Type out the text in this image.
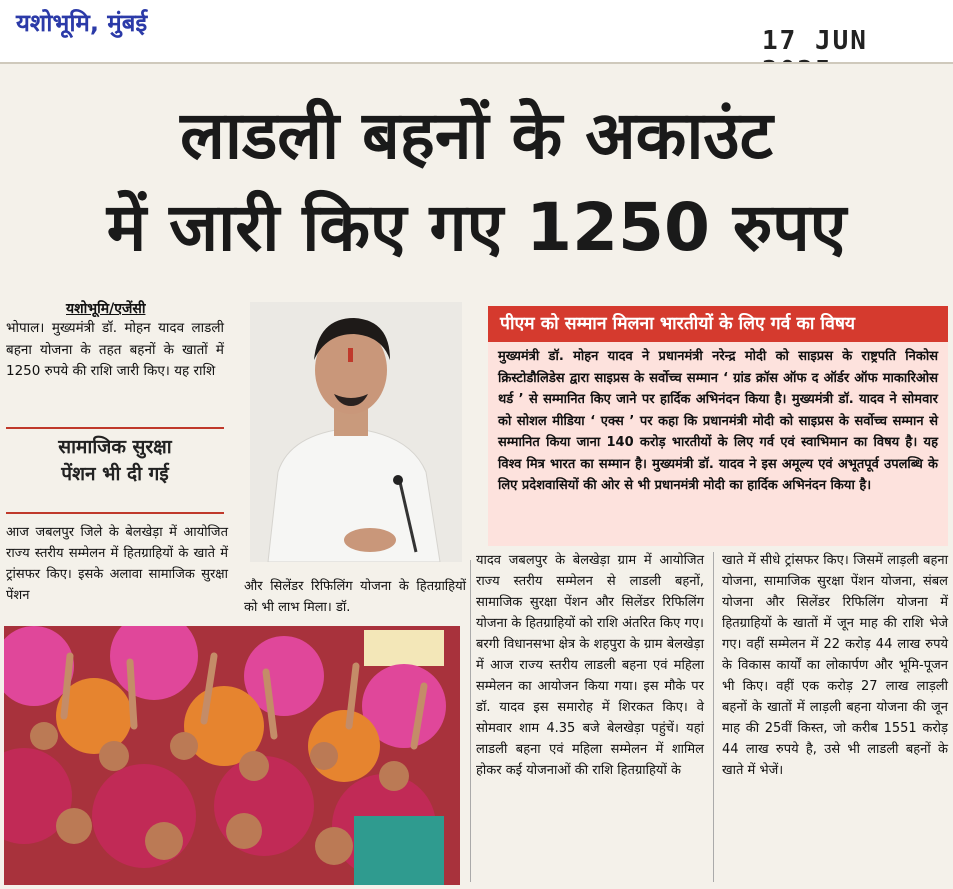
यशोभूमि, मुंबई
17 JUN
लाडली बहनों के अकाउंट
में जारी किए गए 1250 रुपए
यशोभूमि/एजेंसी
भोपाल। मुख्यमंत्री डॉ. मोहन यादव लाडली बहना योजना के तहत बहनों के खातों में 1250 रुपये की राशि जारी किए। यह राशि
सामाजिक सुरक्षा
पेंशन भी दी गई
आज जबलपुर जिले के बेलखेड़ा में आयोजित राज्य स्तरीय सम्मेलन में हितग्राहियों के खाते में ट्रांसफर किए। इसके अलावा सामाजिक सुरक्षा पेंशन
और सिलेंडर रिफिलिंग योजना के हितग्राहियों को भी लाभ मिला। डॉ.
पीएम को सम्मान मिलना भारतीयों के लिए गर्व का विषय
मुख्यमंत्री डॉ. मोहन यादव ने प्रधानमंत्री नरेन्द्र मोदी को साइप्रस के राष्ट्रपति निकोस क्रिस्टोडौलिडेस द्वारा साइप्रस के सर्वोच्च सम्मान ‘ ग्रांड क्रॉस ऑफ द ऑर्डर ऑफ माकारिओस थर्ड ’ से सम्मानित किए जाने पर हार्दिक अभिनंदन किया है। मुख्यमंत्री डॉ. यादव ने सोमवार को सोशल मीडिया ‘ एक्स ’ पर कहा कि प्रधानमंत्री मोदी को साइप्रस के सर्वोच्च सम्मान से सम्मानित किया जाना 140 करोड़ भारतीयों के लिए गर्व एवं स्वाभिमान का विषय है। यह विश्व मित्र भारत का सम्मान है। मुख्यमंत्री डॉ. यादव ने इस अमूल्य एवं अभूतपूर्व उपलब्धि के लिए प्रदेशवासियों की ओर से भी प्रधानमंत्री मोदी का हार्दिक अभिनंदन किया है।
यादव जबलपुर के बेलखेड़ा ग्राम में आयोजित राज्य स्तरीय सम्मेलन से लाडली बहनों, सामाजिक सुरक्षा पेंशन और सिलेंडर रिफिलिंग योजना के हितग्राहियों को राशि अंतरित किए गए। बरगी विधानसभा क्षेत्र के शहपुरा के ग्राम बेलखेड़ा में आज राज्य स्तरीय लाडली बहना एवं महिला सम्मेलन का आयोजन किया गया। इस मौके पर डॉ. यादव इस समारोह में शिरकत किए। वे सोमवार शाम 4.35 बजे बेलखेड़ा पहुंचें। यहां लाडली बहना एवं महिला सम्मेलन में शामिल होकर कई योजनाओं की राशि हितग्राहियों के
खाते में सीधे ट्रांसफर किए। जिसमें लाड़ली बहना योजना, सामाजिक सुरक्षा पेंशन योजना, संबल योजना और सिलेंडर रिफिलिंग योजना में हितग्राहियों के खातों में जून माह की राशि भेजे गए। वहीं सम्मेलन में 22 करोड़ 44 लाख रुपये के विकास कार्यों का लोकार्पण और भूमि-पूजन भी किए। वहीं एक करोड़ 27 लाख लाड़ली बहनों के खातों में लाड़ली बहना योजना की जून माह की 25वीं किस्त, जो करीब 1551 करोड़ 44 लाख रुपये है, उसे भी लाडली बहनों के खाते में भेजें।
